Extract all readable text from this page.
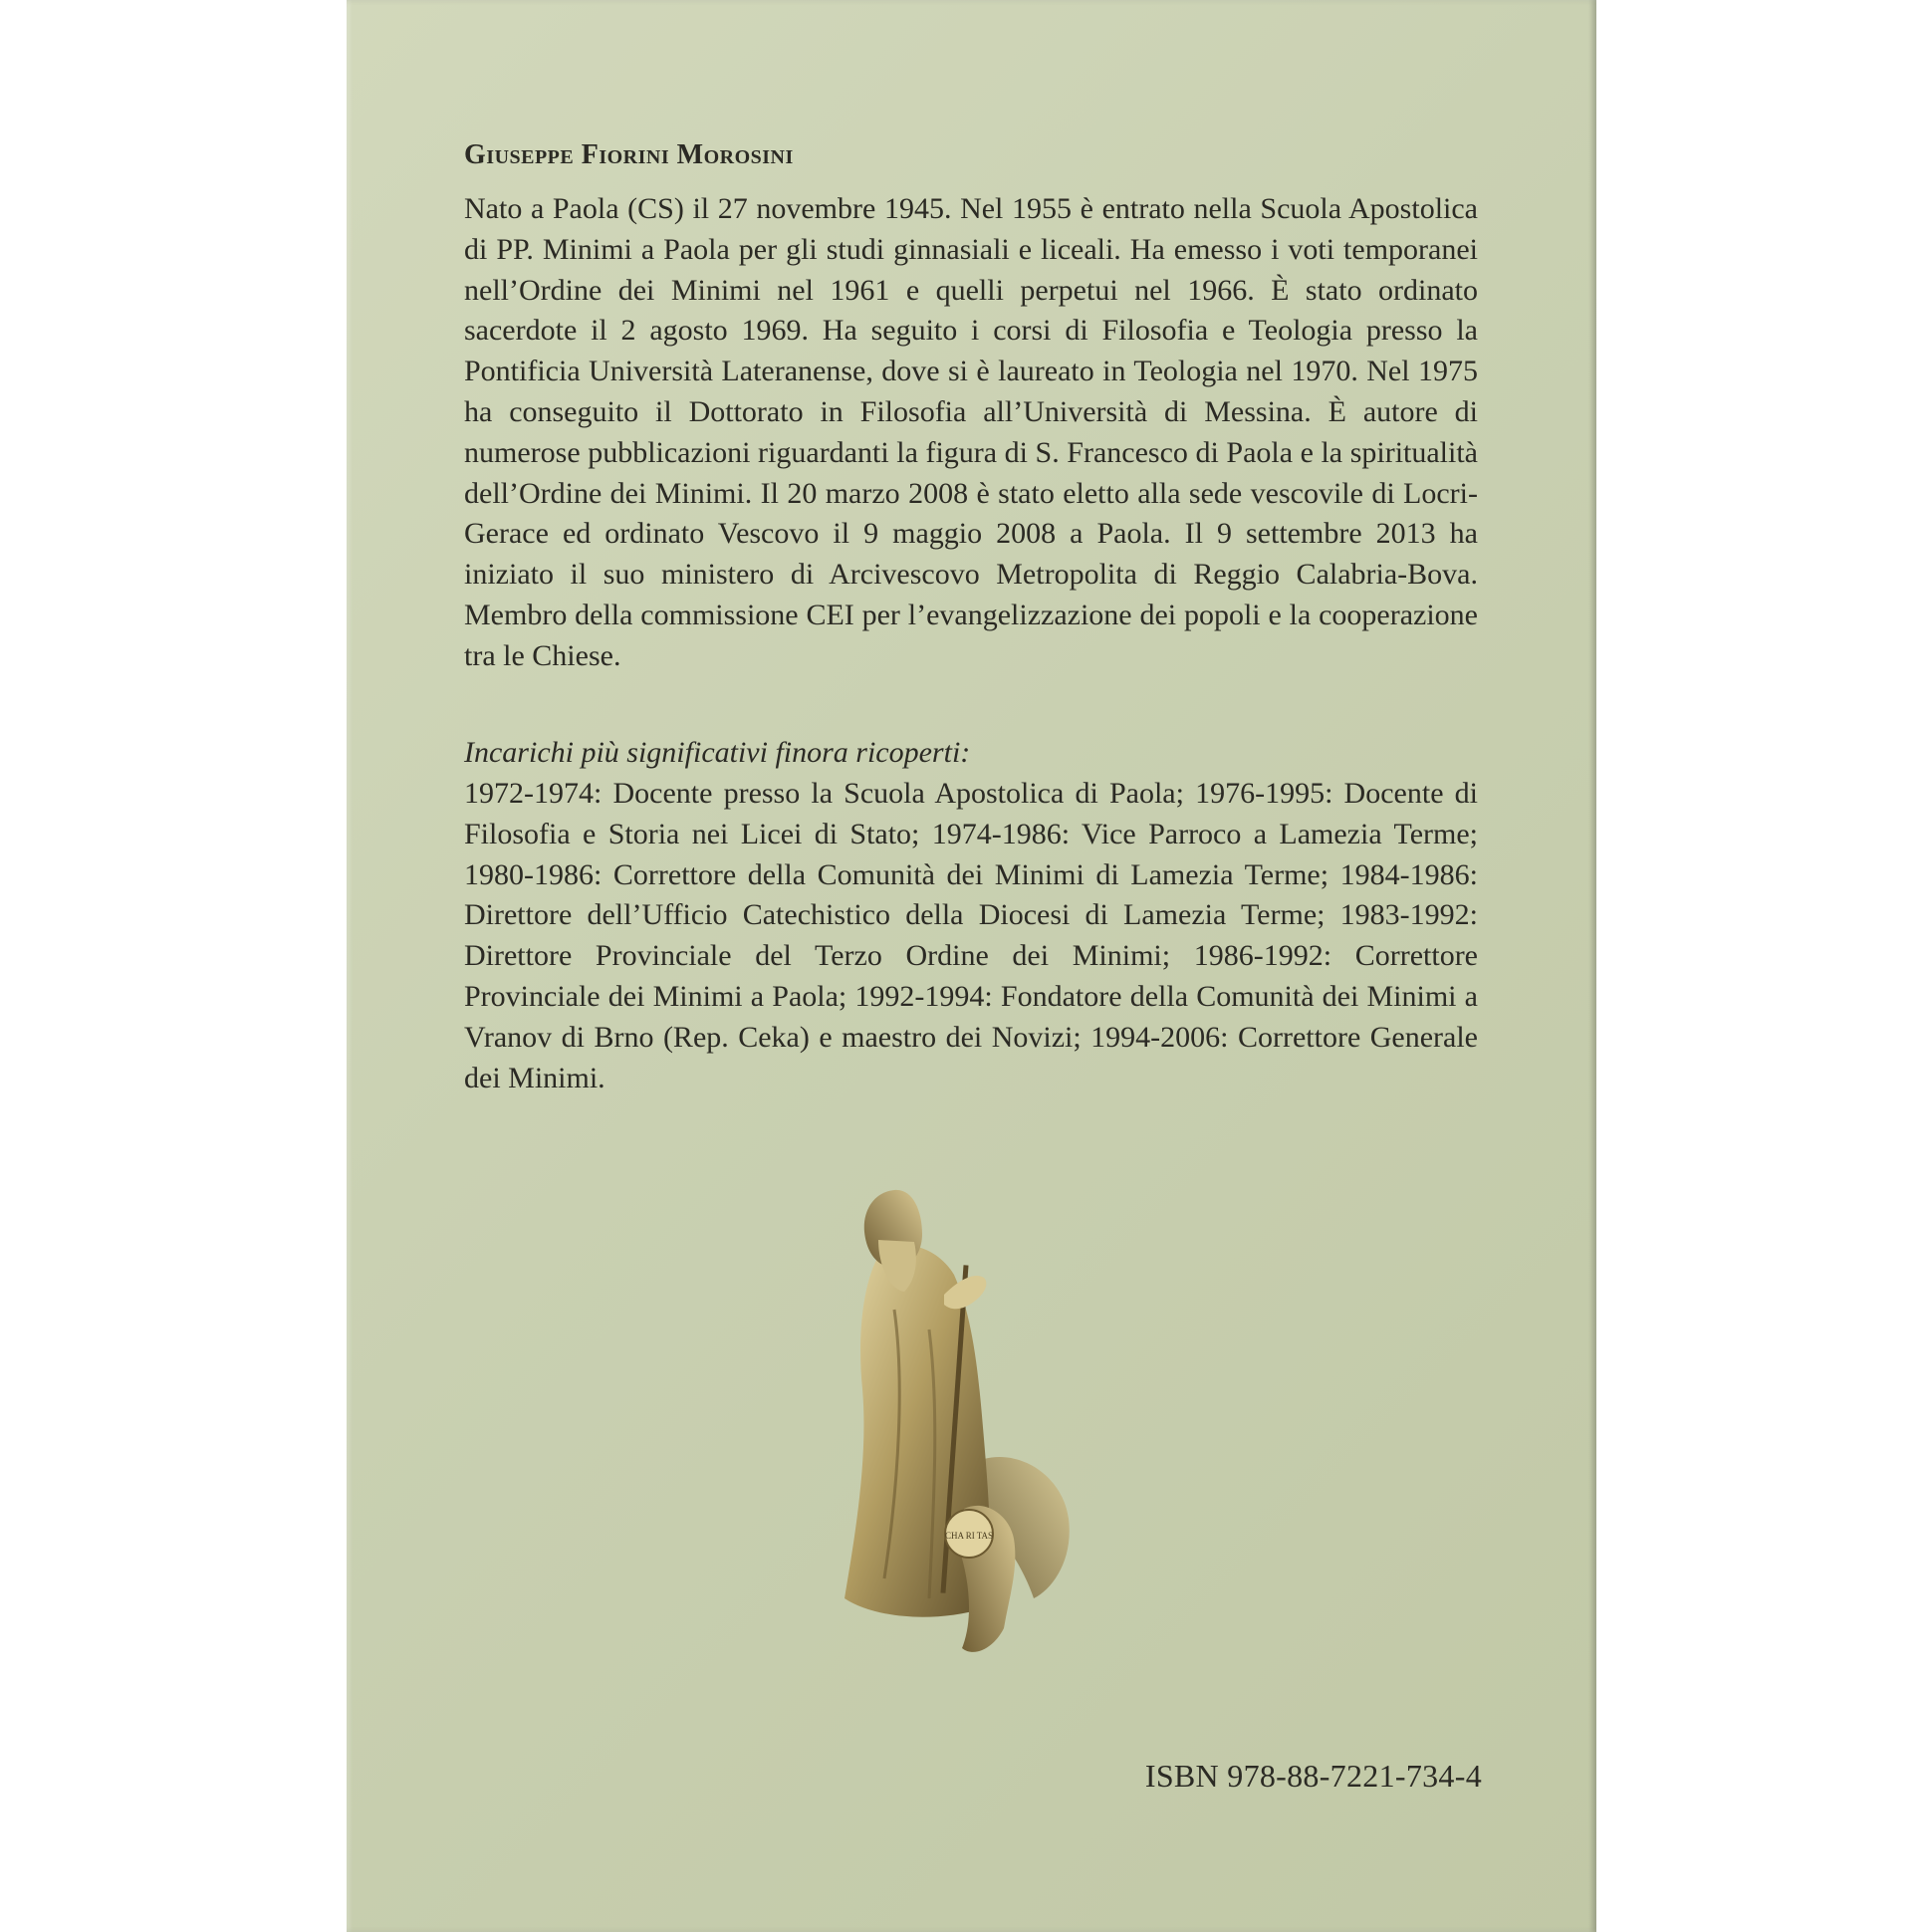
Giuseppe Fiorini Morosini

Nato a Paola (CS) il 27 novembre 1945. Nel 1955 è entrato nella Scuola Apostolica di PP. Minimi a Paola per gli studi ginnasiali e liceali. Ha emesso i voti temporanei nell’Ordine dei Minimi nel 1961 e quelli perpetui nel 1966. È stato ordinato sacerdote il 2 agosto 1969. Ha seguito i corsi di Filosofia e Teologia presso la Pontificia Università Lateranense, dove si è laureato in Teologia nel 1970. Nel 1975 ha conseguito il Dottorato in Filosofia all’Università di Messina. È autore di numerose pubblicazioni riguardanti la figura di S. Francesco di Paola e la spiritualità dell’Ordine dei Minimi. Il 20 marzo 2008 è stato eletto alla sede vescovile di Locri-Gerace ed ordinato Vescovo il 9 maggio 2008 a Paola. Il 9 settembre 2013 ha iniziato il suo ministero di Arcivescovo Metropolita di Reggio Calabria-Bova. Membro della commissione CEI per l’evangelizzazione dei popoli e la cooperazione tra le Chiese.

Incarichi più significativi finora ricoperti:

1972-1974: Docente presso la Scuola Apostolica di Paola; 1976-1995: Docente di Filosofia e Storia nei Licei di Stato; 1974-1986: Vice Parroco a Lamezia Terme; 1980-1986: Correttore della Comunità dei Minimi di Lamezia Terme; 1984-1986: Direttore dell’Ufficio Catechistico della Diocesi di Lamezia Terme; 1983-1992: Direttore Provinciale del Terzo Ordine dei Minimi; 1986-1992: Correttore Provinciale dei Minimi a Paola; 1992-1994: Fondatore della Comunità dei Minimi a Vranov di Brno (Rep. Ceka) e maestro dei Novizi; 1994-2006: Correttore Generale dei Minimi.

CHA RI TAS
ISBN 978-88-7221-734-4
